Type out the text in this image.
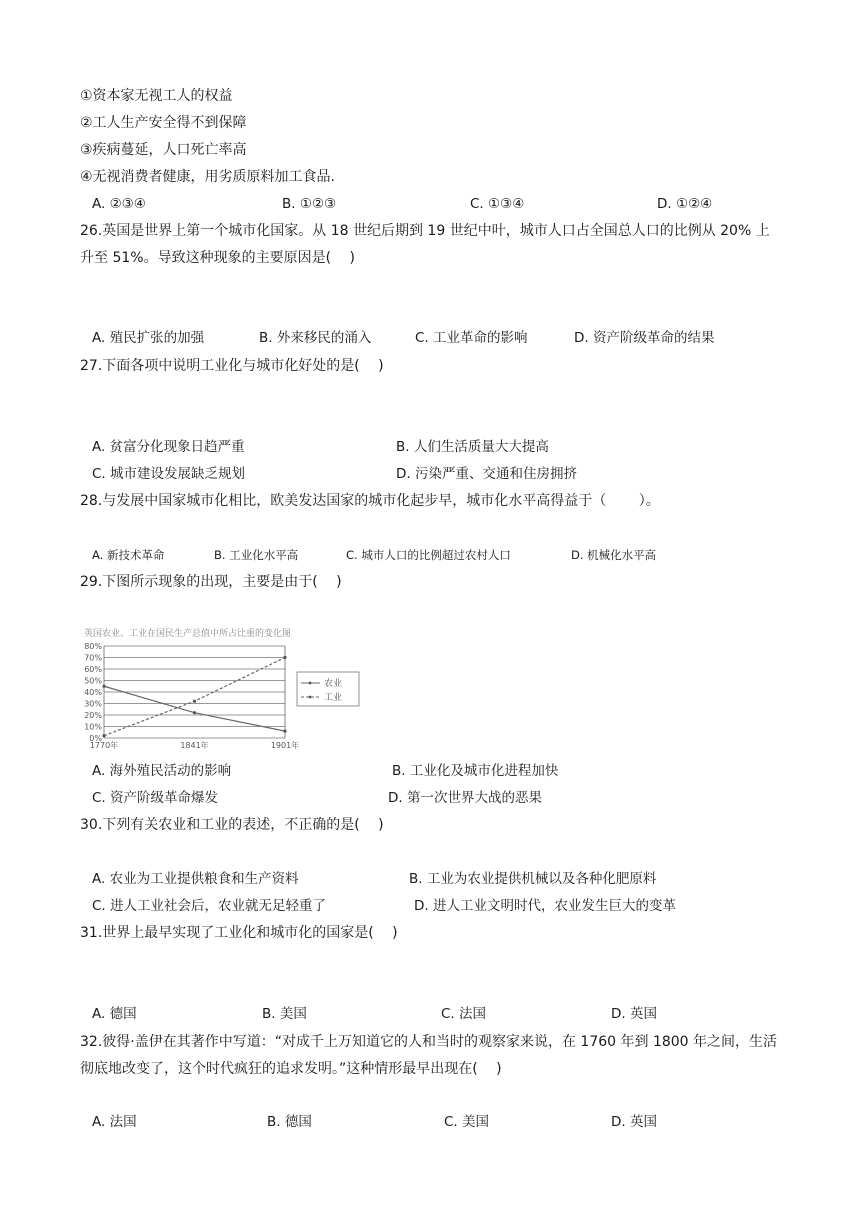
①资本家无视工人的权益
②工人生产安全得不到保障
③疾病蔓延，人口死亡率高
④无视消费者健康，用劣质原料加工食品.
A. ②③④	B. ①②③	C. ①③④	D. ①②④
26.英国是世界上第一个城市化国家。从 18 世纪后期到 19 世纪中叶，城市人口占全国总人口的比例从 20% 上升至 51%。导致这种现象的主要原因是(　 )
A. 殖民扩张的加强	B. 外来移民的涌入	C. 工业革命的影响	D. 资产阶级革命的结果
27.下面各项中说明工业化与城市化好处的是(　 )
A. 贫富分化现象日趋严重	B. 人们生活质量大大提高
C. 城市建设发展缺乏规划	D. 污染严重、交通和住房拥挤
28.与发展中国家城市化相比，欧美发达国家的城市化起步早，城市化水平高得益于（　　 ）。
A. 新技术革命	B. 工业化水平高	C. 城市人口的比例超过农村人口	D. 机械化水平高
29.下图所示现象的出现，主要是由于(　 )
英国农业、工业在国民生产总值中所占比重的变化图
0%
10%
20%
30%
40%
50%
60%
70%
80%
1770年	1841年	1901年
农业
工业
A. 海外殖民活动的影响	B. 工业化及城市化进程加快
C. 资产阶级革命爆发	D. 第一次世界大战的恶果
30.下列有关农业和工业的表述，不正确的是(　 )
A. 农业为工业提供粮食和生产资料	B. 工业为农业提供机械以及各种化肥原料
C. 进人工业社会后，农业就无足轻重了	D. 进人工业文明时代，农业发生巨大的变革
31.世界上最早实现了工业化和城市化的国家是(　 )
A. 德国	B. 美国	C. 法国	D. 英国
32.彼得·盖伊在其著作中写道：“对成千上万知道它的人和当时的观察家来说，在 1760 年到 1800 年之间，生活彻底地改变了，这个时代疯狂的追求发明。”这种情形最早出现在(　 )
A. 法国	B. 德国	C. 美国	D. 英国
